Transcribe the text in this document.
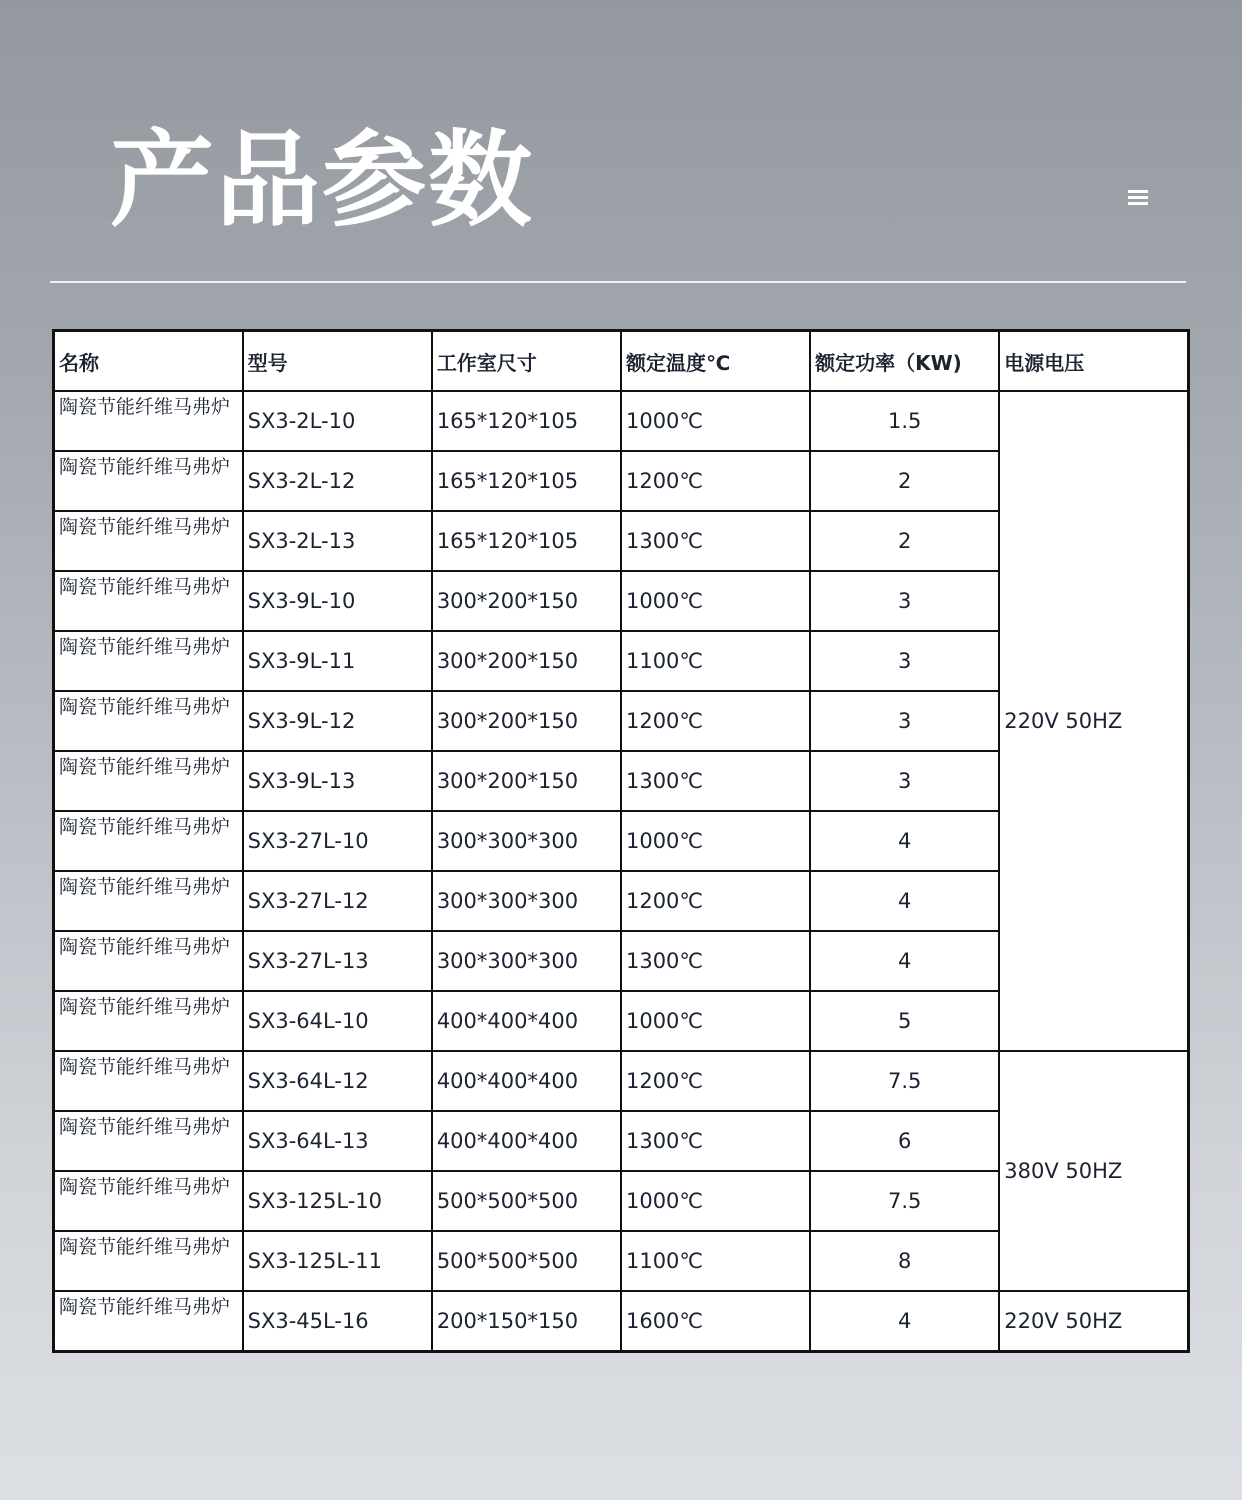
产品参数
名称	型号	工作室尺寸	额定温度℃	额定功率（KW)	电源电压

陶瓷节能纤维马弗炉	SX3-2L-10	165*120*105	1000℃	1.5	220V 50HZ

陶瓷节能纤维马弗炉	SX3-2L-12	165*120*105	1200℃	2	

陶瓷节能纤维马弗炉	SX3-2L-13	165*120*105	1300℃	2	

陶瓷节能纤维马弗炉	SX3-9L-10	300*200*150	1000℃	3	

陶瓷节能纤维马弗炉	SX3-9L-11	300*200*150	1100℃	3	

陶瓷节能纤维马弗炉	SX3-9L-12	300*200*150	1200℃	3	

陶瓷节能纤维马弗炉	SX3-9L-13	300*200*150	1300℃	3	

陶瓷节能纤维马弗炉	SX3-27L-10	300*300*300	1000℃	4	

陶瓷节能纤维马弗炉	SX3-27L-12	300*300*300	1200℃	4	

陶瓷节能纤维马弗炉	SX3-27L-13	300*300*300	1300℃	4	

陶瓷节能纤维马弗炉	SX3-64L-10	400*400*400	1000℃	5	

陶瓷节能纤维马弗炉	SX3-64L-12	400*400*400	1200℃	7.5	380V 50HZ

陶瓷节能纤维马弗炉	SX3-64L-13	400*400*400	1300℃	6	

陶瓷节能纤维马弗炉	SX3-125L-10	500*500*500	1000℃	7.5	

陶瓷节能纤维马弗炉	SX3-125L-11	500*500*500	1100℃	8	

陶瓷节能纤维马弗炉	SX3-45L-16	200*150*150	1600℃	4	220V 50HZ
